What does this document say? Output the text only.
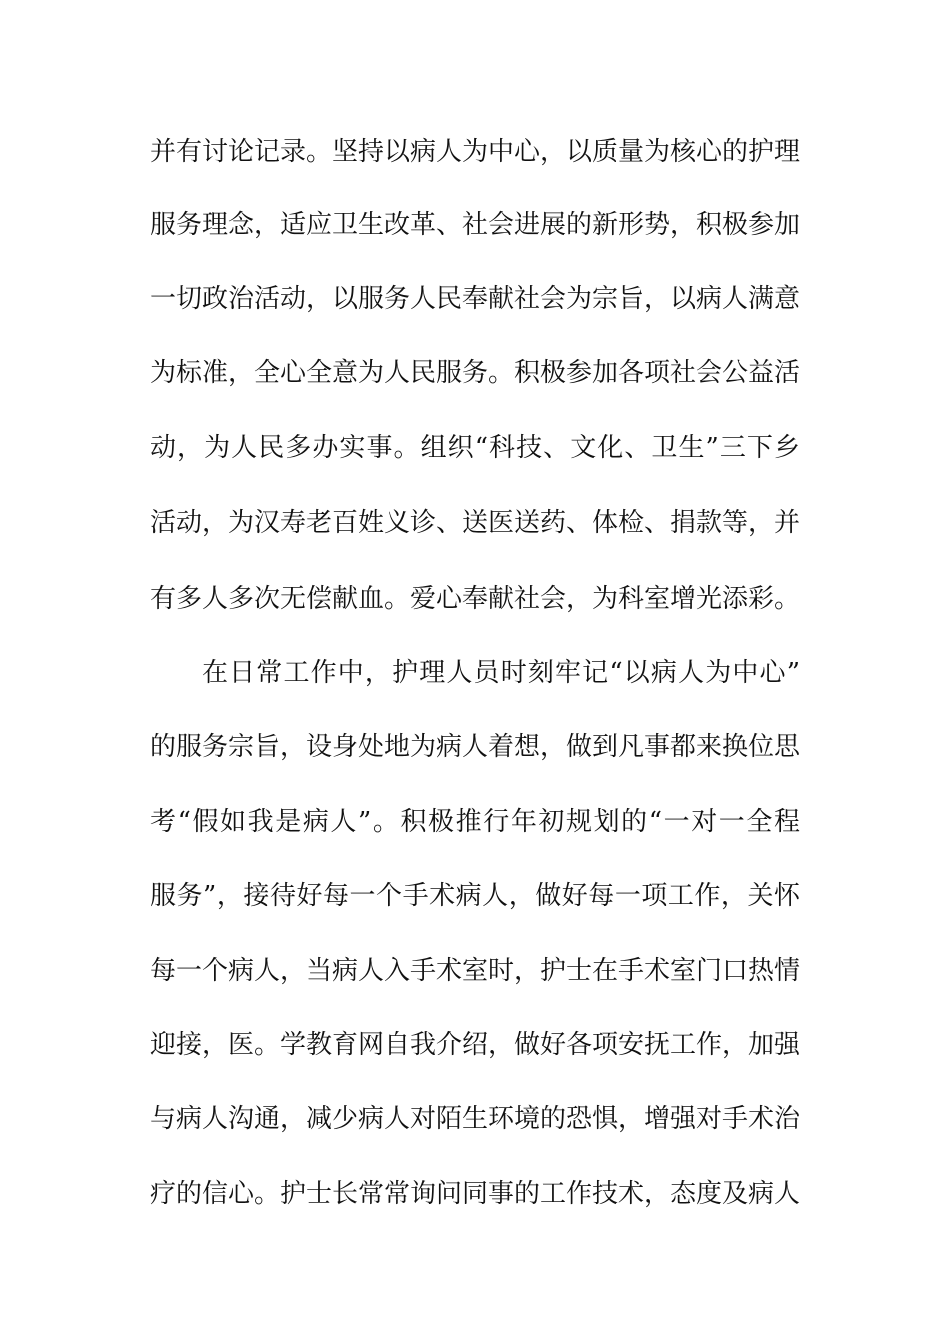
并有讨论记录。坚持以病人为中心，以质量为核心的护理
服务理念，适应卫生改革、社会进展的新形势，积极参加
一切政治活动，以服务人民奉献社会为宗旨，以病人满意
为标准，全心全意为人民服务。积极参加各项社会公益活
动，为人民多办实事。组织“科技、文化、卫生”三下乡
活动，为汉寿老百姓义诊、送医送药、体检、捐款等，并
有多人多次无偿献血。爱心奉献社会，为科室增光添彩。
在日常工作中，护理人员时刻牢记“以病人为中心”
的服务宗旨，设身处地为病人着想，做到凡事都来换位思
考“假如我是病人”。积极推行年初规划的“一对一全程
服务”，接待好每一个手术病人，做好每一项工作，关怀
每一个病人，当病人入手术室时，护士在手术室门口热情
迎接，医。学教育网自我介绍，做好各项安抚工作，加强
与病人沟通，减少病人对陌生环境的恐惧，增强对手术治
疗的信心。护士长常常询问同事的工作技术，态度及病人
